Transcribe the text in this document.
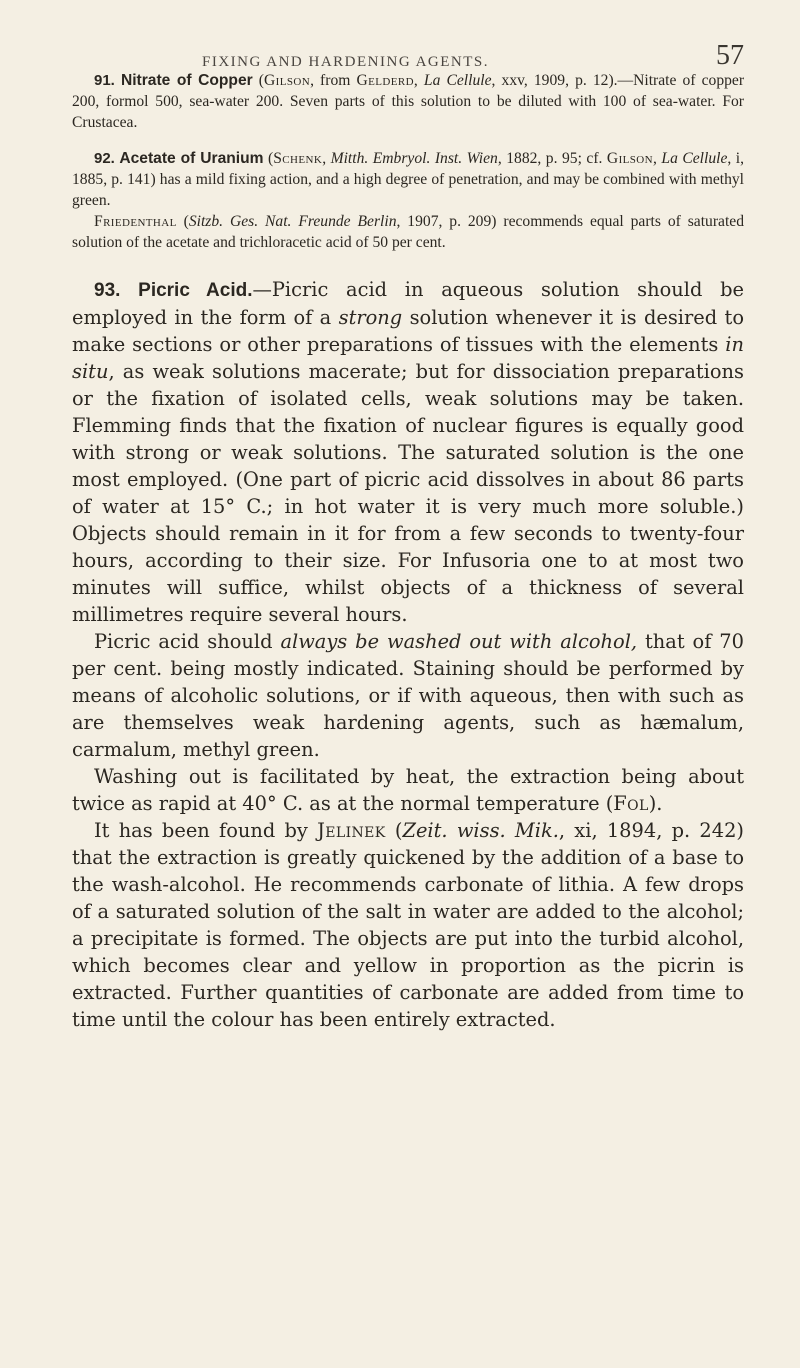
FIXING AND HARDENING AGENTS.	57

91. Nitrate of Copper (Gilson, from Gelderd, La Cellule, xxv, 1909, p. 12).—Nitrate of copper 200, formol 500, sea-water 200. Seven parts of this solution to be diluted with 100 of sea-water. For Crustacea.

92. Acetate of Uranium (Schenk, Mitth. Embryol. Inst. Wien, 1882, p. 95; cf. Gilson, La Cellule, i, 1885, p. 141) has a mild fixing action, and a high degree of penetration, and may be combined with methyl green.

Friedenthal (Sitzb. Ges. Nat. Freunde Berlin, 1907, p. 209) recommends equal parts of saturated solution of the acetate and trichloracetic acid of 50 per cent.

93. Picric Acid.—Picric acid in aqueous solution should be employed in the form of a strong solution whenever it is desired to make sections or other preparations of tissues with the elements in situ, as weak solutions macerate; but for dissociation preparations or the fixation of isolated cells, weak solutions may be taken. Flemming finds that the fixation of nuclear figures is equally good with strong or weak solutions. The saturated solution is the one most employed. (One part of picric acid dissolves in about 86 parts of water at 15° C.; in hot water it is very much more soluble.) Objects should remain in it for from a few seconds to twenty-four hours, according to their size. For Infusoria one to at most two minutes will suffice, whilst objects of a thickness of several millimetres require several hours.

Picric acid should always be washed out with alcohol, that of 70 per cent. being mostly indicated. Staining should be performed by means of alcoholic solutions, or if with aqueous, then with such as are themselves weak hardening agents, such as hæmalum, carmalum, methyl green.

Washing out is facilitated by heat, the extraction being about twice as rapid at 40° C. as at the normal temperature (Fol).

It has been found by Jelinek (Zeit. wiss. Mik., xi, 1894, p. 242) that the extraction is greatly quickened by the addition of a base to the wash-alcohol. He recommends carbonate of lithia. A few drops of a saturated solution of the salt in water are added to the alcohol; a precipitate is formed. The objects are put into the turbid alcohol, which becomes clear and yellow in proportion as the picrin is extracted. Further quantities of carbonate are added from time to time until the colour has been entirely extracted.
